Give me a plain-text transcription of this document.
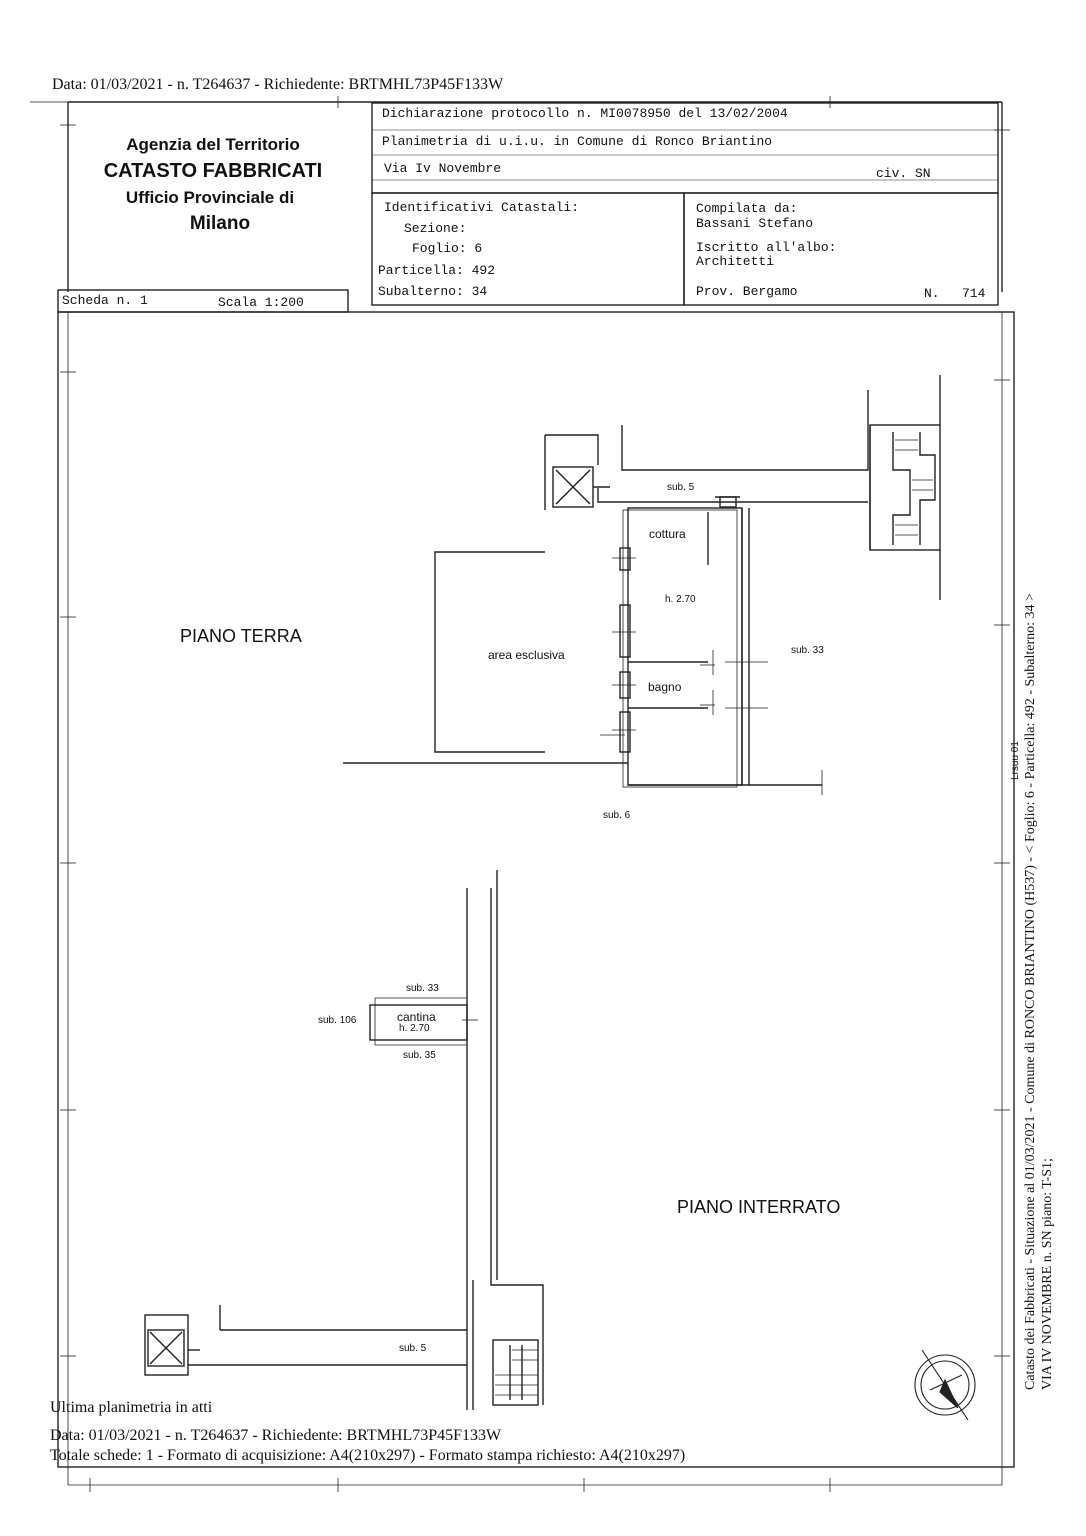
Data: 01/03/2021 - n. T264637 - Richiedente: BRTMHL73P45F133W
Agenzia del Territorio
CATASTO FABBRICATI
Ufficio Provinciale di
Milano
Dichiarazione protocollo n. MI0078950 del 13/02/2004
Planimetria di u.i.u. in Comune di Ronco Briantino
Via Iv Novembre	civ. SN
Identificativi Catastali:
Sezione:
Foglio: 6
Particella: 492
Subalterno: 34
Compilata da:
Bassani Stefano
Iscritto all'albo:
Architetti
Prov. Bergamo	N. 714
Scheda n. 1	Scala 1:200
PIANO TERRA
PIANO INTERRATO
area esclusiva
cottura
bagno
h. 2.70
sub. 5
sub. 33
sub. 6
sub. 33
sub. 106	cantina
h. 2.70
sub. 35
sub. 5
Lrsuu 01
Ultima planimetria in atti
Data: 01/03/2021 - n. T264637 - Richiedente: BRTMHL73P45F133W
Totale schede: 1 - Formato di acquisizione: A4(210x297) - Formato stampa richiesto: A4(210x297)
Catasto dei Fabbricati - Situazione al 01/03/2021 - Comune di RONCO BRIANTINO (H537) - < Foglio: 6 - Particella: 492 - Subalterno: 34 > VIA IV NOVEMBRE n. SN piano: T-S1;
